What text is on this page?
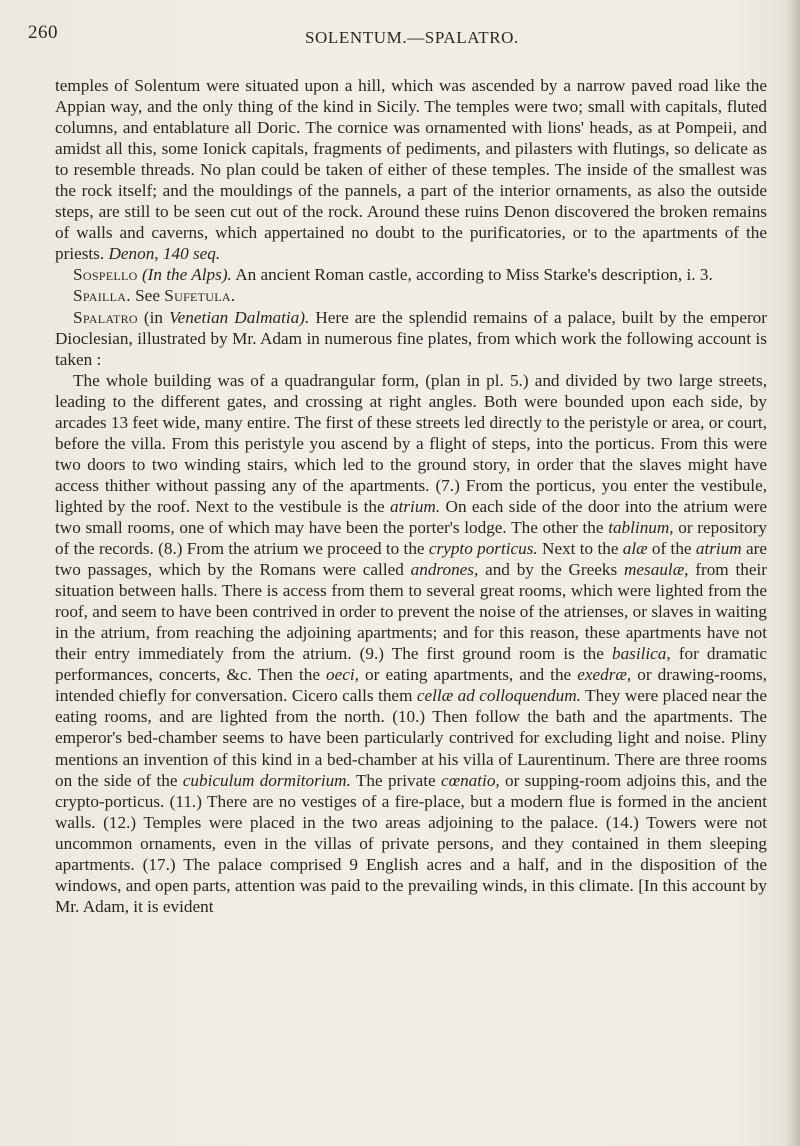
260	SOLENTUM.—SPALATRO.

temples of Solentum were situated upon a hill, which was ascended by a narrow paved road like the Appian way, and the only thing of the kind in Sicily. The temples were two; small with capitals, fluted columns, and entablature all Doric. The cornice was ornamented with lions' heads, as at Pompeii, and amidst all this, some Ionick capitals, fragments of pediments, and pilasters with flutings, so delicate as to resemble threads. No plan could be taken of either of these temples. The inside of the smallest was the rock itself; and the mouldings of the pannels, a part of the interior ornaments, as also the outside steps, are still to be seen cut out of the rock. Around these ruins Denon discovered the broken remains of walls and caverns, which appertained no doubt to the purificatories, or to the apartments of the priests. Denon, 140 seq.

Sospello (In the Alps). An ancient Roman castle, according to Miss Starke's description, i. 3.

Spailla. See Sufetula.

Spalatro (in Venetian Dalmatia). Here are the splendid remains of a palace, built by the emperor Dioclesian, illustrated by Mr. Adam in numerous fine plates, from which work the following account is taken :

The whole building was of a quadrangular form, (plan in pl. 5.) and divided by two large streets, leading to the different gates, and crossing at right angles. Both were bounded upon each side, by arcades 13 feet wide, many entire. The first of these streets led directly to the peristyle or area, or court, before the villa. From this peristyle you ascend by a flight of steps, into the porticus. From this were two doors to two winding stairs, which led to the ground story, in order that the slaves might have access thither without passing any of the apartments. (7.) From the porticus, you enter the vestibule, lighted by the roof. Next to the vestibule is the atrium. On each side of the door into the atrium were two small rooms, one of which may have been the porter's lodge. The other the tablinum, or repository of the records. (8.) From the atrium we proceed to the crypto porticus. Next to the alæ of the atrium are two passages, which by the Romans were called andrones, and by the Greeks mesaulæ, from their situation between halls. There is access from them to several great rooms, which were lighted from the roof, and seem to have been contrived in order to prevent the noise of the atrienses, or slaves in waiting in the atrium, from reaching the adjoining apartments; and for this reason, these apartments have not their entry immediately from the atrium. (9.) The first ground room is the basilica, for dramatic performances, concerts, &c. Then the oeci, or eating apartments, and the exedræ, or drawing-rooms, intended chiefly for conversation. Cicero calls them cellæ ad colloquendum. They were placed near the eating rooms, and are lighted from the north. (10.) Then follow the bath and the apartments. The emperor's bed-chamber seems to have been particularly contrived for excluding light and noise. Pliny mentions an invention of this kind in a bed-chamber at his villa of Laurentinum. There are three rooms on the side of the cubiculum dormitorium. The private cœnatio, or supping-room adjoins this, and the crypto-porticus. (11.) There are no vestiges of a fire-place, but a modern flue is formed in the ancient walls. (12.) Temples were placed in the two areas adjoining to the palace. (14.) Towers were not uncommon ornaments, even in the villas of private persons, and they contained in them sleeping apartments. (17.) The palace comprised 9 English acres and a half, and in the disposition of the windows, and open parts, attention was paid to the prevailing winds, in this climate. [In this account by Mr. Adam, it is evident
